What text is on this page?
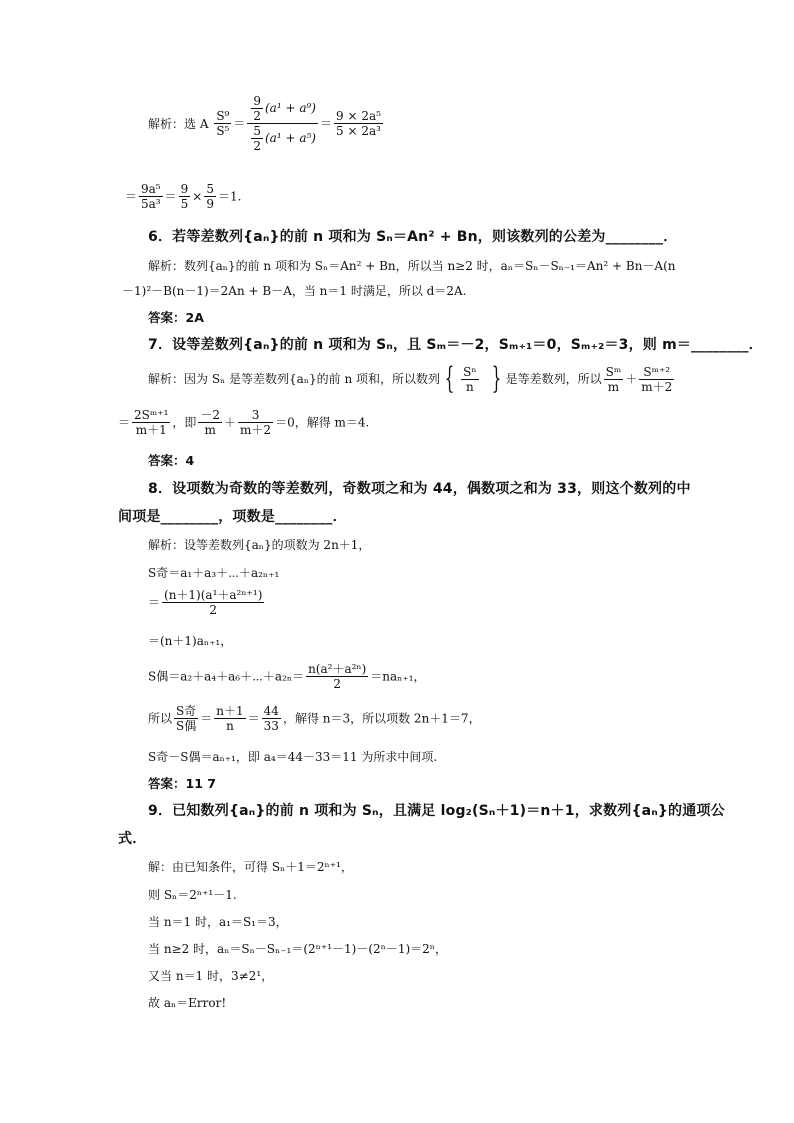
解析：选 A $\frac{\text{S⁹}}{\text{S⁵}} = \frac{\frac{9}{2} (a^1 + a^9)}{\frac{5}{2} (a^1 + a^5)} = \frac{\text{9 × 2a⁵}}{\text{5 × 2a³}}$
＝ $\frac{\text{9a⁵}}{\text{5a³}} = \frac{9}{5} \times \frac{5}{9} =1$.
6．若等差数列{aₙ}的前 n 项和为 Sₙ＝An² + Bn，则该数列的公差为________．
解析：数列{aₙ}的前 n 项和为 Sₙ＝An² + Bn，所以当 n≥2 时，aₙ＝Sₙ－Sₙ₋₁＝An² + Bn－A(n
－1)²－B(n－1)＝2An + B－A，当 n＝1 时满足，所以 d＝2A.
答案：2A
7．设等差数列{aₙ}的前 n 项和为 Sₙ，且 Sₘ＝－2，Sₘ₊₁＝0，Sₘ₊₂＝3，则 m＝________．
解析：因为 Sₙ 是等差数列{aₙ}的前 n 项和，所以数列 { $\frac{\text{Sⁿ}}{n}$ } 是等差数列，所以 $\frac{\text{Sᵐ}}{m} + \frac{\text{Sᵐ⁺²}}{m+2}$
＝ $\frac{\text{2Sᵐ⁺¹}}{m+1}$ ，即 $\frac{-2}{m} + \frac{3}{m+2} =0$，解得 m＝4.
答案：4
8．设项数为奇数的等差数列，奇数项之和为 44，偶数项之和为 33，则这个数列的中
间项是________，项数是________．
解析：设等差数列{aₙ}的项数为 2n＋1，
S奇＝a₁＋a₃＋⋯＋a₂ₙ₊₁
＝ $\frac{\text{(n＋1)(a¹＋a²ⁿ⁺¹)}}{2}$
＝(n＋1)aₙ₊₁，
S偶＝a₂＋a₄＋a₆＋⋯＋a₂ₙ＝ $\frac{\text{n(a²＋a²ⁿ)}}{2} =na_{n+1}$，
所以 $\frac{\text{S奇}}{\text{S偶}} = \frac{n+1}{n} = \frac{44}{33}$ ，解得 n＝3，所以项数 2n＋1＝7，
S奇－S偶＝aₙ₊₁，即 a₄＝44－33＝11 为所求中间项.
答案：11 7
9．已知数列{aₙ}的前 n 项和为 Sₙ，且满足 log₂(Sₙ＋1)＝n＋1，求数列{aₙ}的通项公
式．
解：由已知条件，可得 Sₙ＋1＝2ⁿ⁺¹，
则 Sₙ＝2ⁿ⁺¹－1.
当 n＝1 时，a₁＝S₁＝3，
当 n≥2 时，aₙ＝Sₙ－Sₙ₋₁＝(2ⁿ⁺¹－1)－(2ⁿ－1)＝2ⁿ，
又当 n＝1 时，3≠2¹，
故 aₙ＝Error!
